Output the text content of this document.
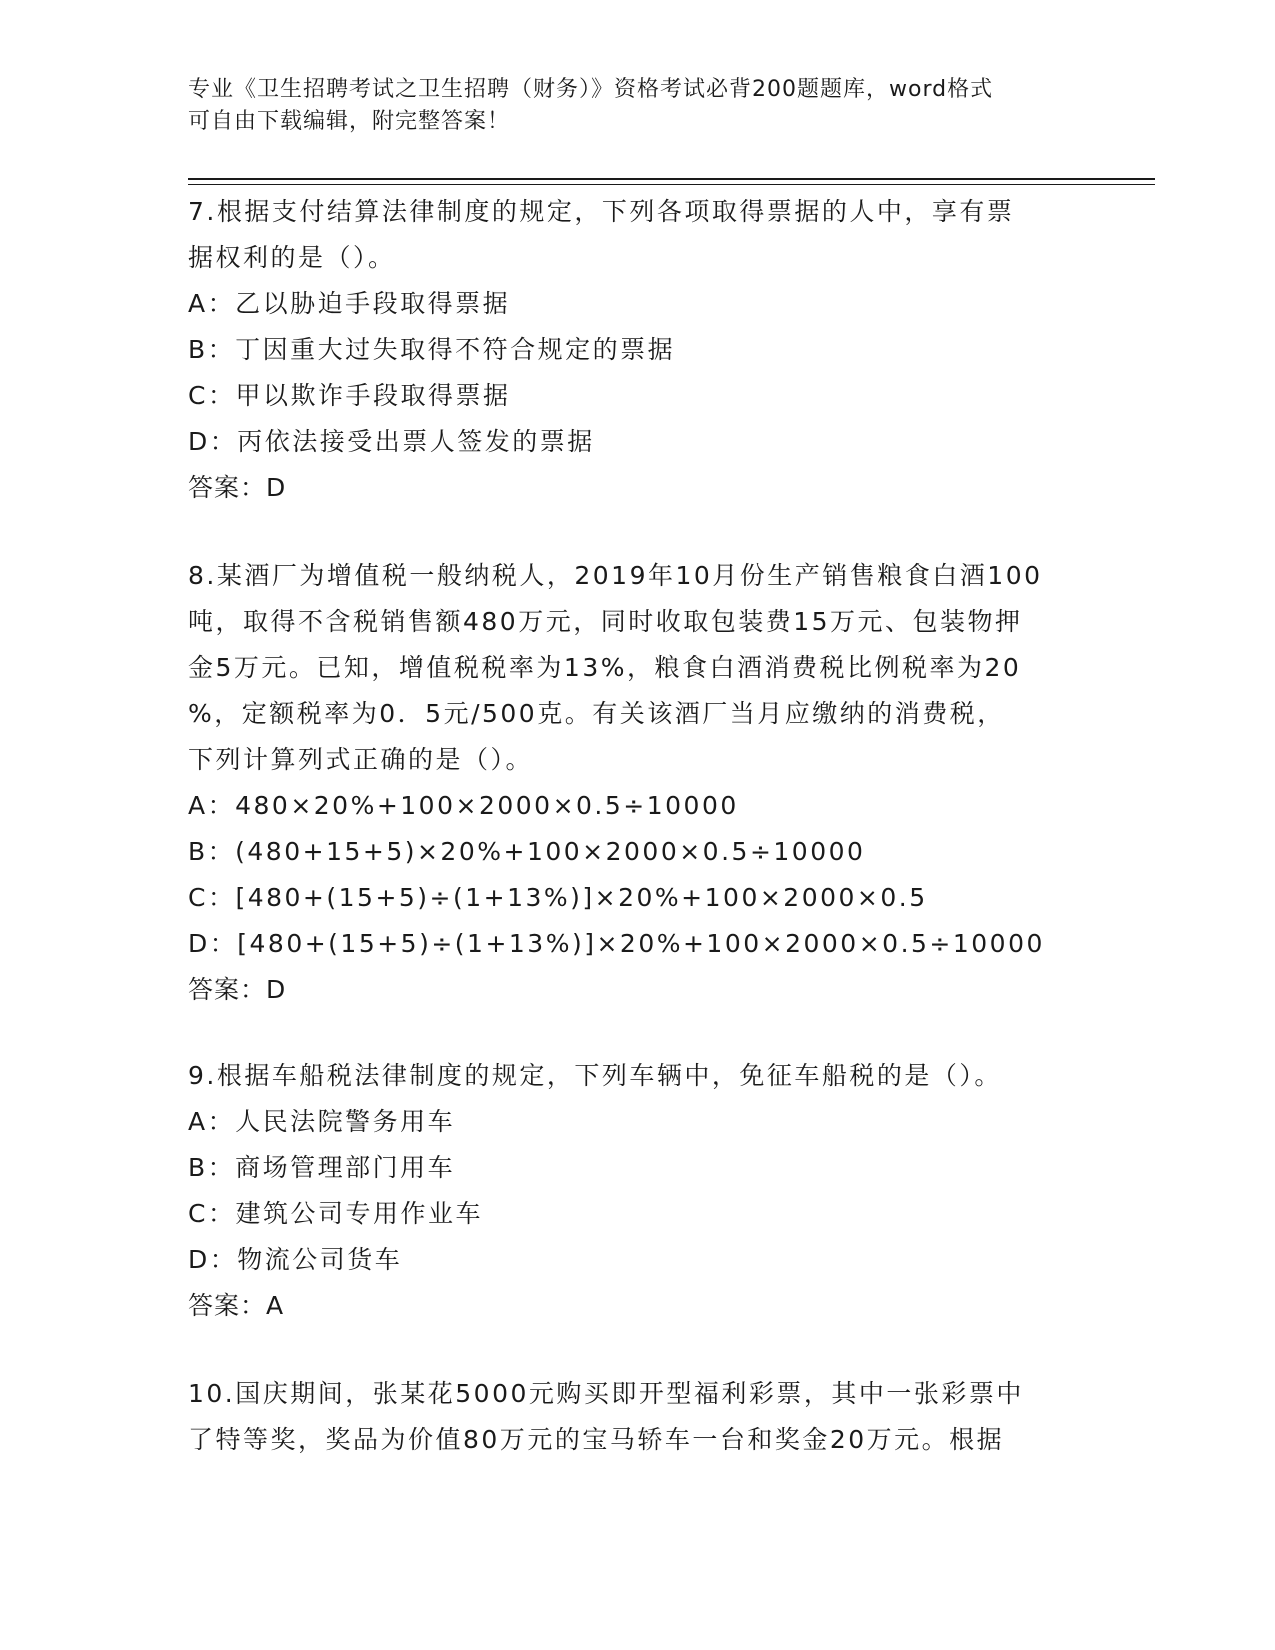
专业《卫生招聘考试之卫生招聘（财务）》资格考试必背200题题库，word格式

可自由下载编辑，附完整答案！

7.根据支付结算法律制度的规定，下列各项取得票据的人中，享有票

据权利的是（）。

A：乙以胁迫手段取得票据

B：丁因重大过失取得不符合规定的票据

C：甲以欺诈手段取得票据

D：丙依法接受出票人签发的票据

答案：D

8.某酒厂为增值税一般纳税人，2019年10月份生产销售粮食白酒100

吨，取得不含税销售额480万元，同时收取包装费15万元、包装物押

金5万元。已知，增值税税率为13%，粮食白酒消费税比例税率为20

%，定额税率为0．5元/500克。有关该酒厂当月应缴纳的消费税，

下列计算列式正确的是（）。

A：480×20%+100×2000×0.5÷10000

B：(480+15+5)×20%+100×2000×0.5÷10000

C：[480+(15+5)÷(1+13%)]×20%+100×2000×0.5

D：[480+(15+5)÷(1+13%)]×20%+100×2000×0.5÷10000

答案：D

9.根据车船税法律制度的规定，下列车辆中，免征车船税的是（）。

A：人民法院警务用车

B：商场管理部门用车

C：建筑公司专用作业车

D：物流公司货车

答案：A

10.国庆期间，张某花5000元购买即开型福利彩票，其中一张彩票中

了特等奖，奖品为价值80万元的宝马轿车一台和奖金20万元。根据
